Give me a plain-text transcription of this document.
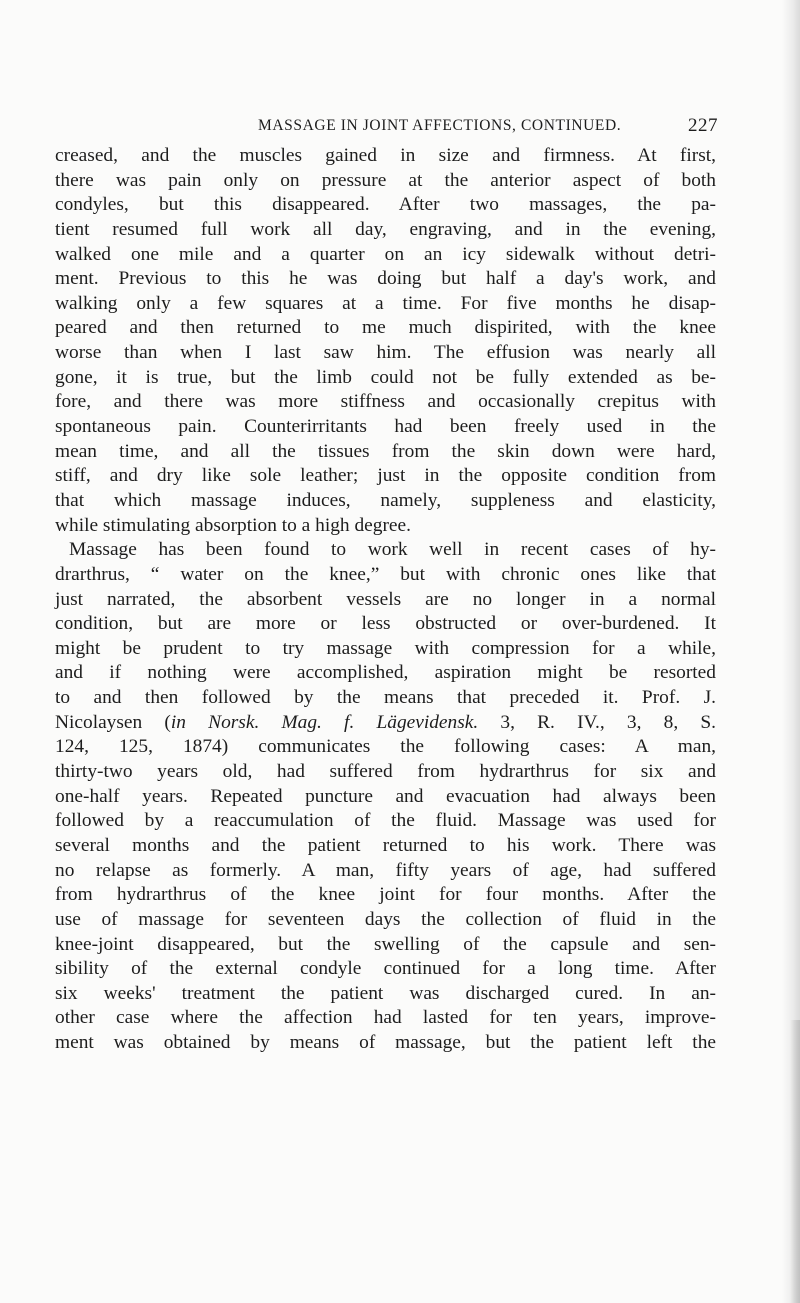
MASSAGE IN JOINT AFFECTIONS, CONTINUED.	227
creased, and the muscles gained in size and firmness. At first,
there was pain only on pressure at the anterior aspect of both
condyles, but this disappeared. After two massages, the pa-
tient resumed full work all day, engraving, and in the evening,
walked one mile and a quarter on an icy sidewalk without detri-
ment. Previous to this he was doing but half a day's work, and
walking only a few squares at a time. For five months he disap-
peared and then returned to me much dispirited, with the knee
worse than when I last saw him. The effusion was nearly all
gone, it is true, but the limb could not be fully extended as be-
fore, and there was more stiffness and occasionally crepitus with
spontaneous pain. Counterirritants had been freely used in the
mean time, and all the tissues from the skin down were hard,
stiff, and dry like sole leather; just in the opposite condition from
that which massage induces, namely, suppleness and elasticity,
while stimulating absorption to a high degree.
Massage has been found to work well in recent cases of hy-
drarthrus, “ water on the knee,” but with chronic ones like that
just narrated, the absorbent vessels are no longer in a normal
condition, but are more or less obstructed or over-burdened. It
might be prudent to try massage with compression for a while,
and if nothing were accomplished, aspiration might be resorted
to and then followed by the means that preceded it. Prof. J.
Nicolaysen (in Norsk. Mag. f. Lägevidensk. 3, R. IV., 3, 8, S.
124, 125, 1874) communicates the following cases: A man,
thirty-two years old, had suffered from hydrarthrus for six and
one-half years. Repeated puncture and evacuation had always been
followed by a reaccumulation of the fluid. Massage was used for
several months and the patient returned to his work. There was
no relapse as formerly. A man, fifty years of age, had suffered
from hydrarthrus of the knee joint for four months. After the
use of massage for seventeen days the collection of fluid in the
knee-joint disappeared, but the swelling of the capsule and sen-
sibility of the external condyle continued for a long time. After
six weeks' treatment the patient was discharged cured. In an-
other case where the affection had lasted for ten years, improve-
ment was obtained by means of massage, but the patient left the
